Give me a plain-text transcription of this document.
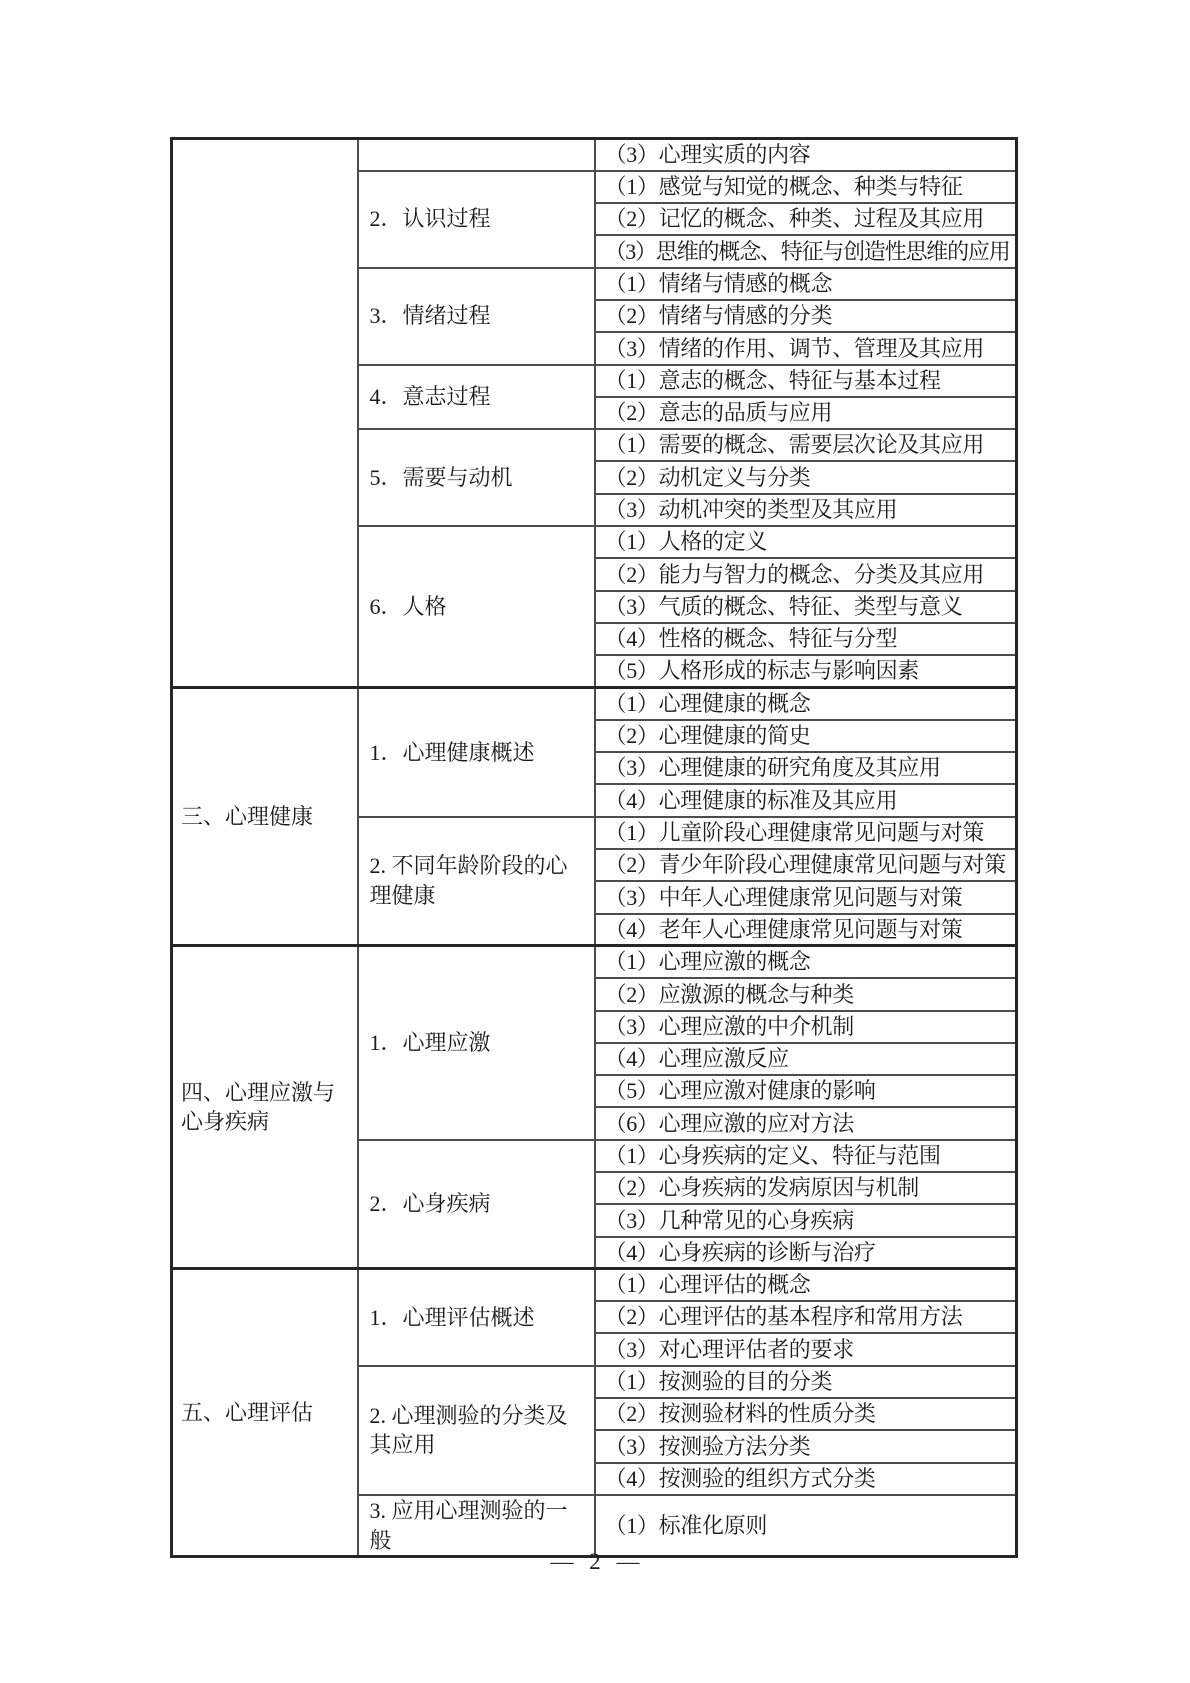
		（3）心理实质的内容
	2．认识过程	（1）感觉与知觉的概念、种类与特征
		（2）记忆的概念、种类、过程及其应用
		（3）思维的概念、特征与创造性思维的应用
	3．情绪过程	（1）情绪与情感的概念
		（2）情绪与情感的分类
		（3）情绪的作用、调节、管理及其应用
	4．意志过程	（1）意志的概念、特征与基本过程
		（2）意志的品质与应用
	5．需要与动机	（1）需要的概念、需要层次论及其应用
		（2）动机定义与分类
		（3）动机冲突的类型及其应用
	6．人格	（1）人格的定义
		（2）能力与智力的概念、分类及其应用
		（3）气质的概念、特征、类型与意义
		（4）性格的概念、特征与分型
		（5）人格形成的标志与影响因素
三、心理健康	1．心理健康概述	（1）心理健康的概念
		（2）心理健康的简史
		（3）心理健康的研究角度及其应用
		（4）心理健康的标准及其应用
	2. 不同年龄阶段的心理健康	（1）儿童阶段心理健康常见问题与对策
		（2）青少年阶段心理健康常见问题与对策
		（3）中年人心理健康常见问题与对策
		（4）老年人心理健康常见问题与对策
四、心理应激与心身疾病	1．心理应激	（1）心理应激的概念
		（2）应激源的概念与种类
		（3）心理应激的中介机制
		（4）心理应激反应
		（5）心理应激对健康的影响
		（6）心理应激的应对方法
	2．心身疾病	（1）心身疾病的定义、特征与范围
		（2）心身疾病的发病原因与机制
		（3）几种常见的心身疾病
		（4）心身疾病的诊断与治疗
五、心理评估	1．心理评估概述	（1）心理评估的概念
		（2）心理评估的基本程序和常用方法
		（3）对心理评估者的要求
	2. 心理测验的分类及其应用	（1）按测验的目的分类
		（2）按测验材料的性质分类
		（3）按测验方法分类
		（4）按测验的组织方式分类
	3. 应用心理测验的一般	（1）标准化原则
— 2 —
